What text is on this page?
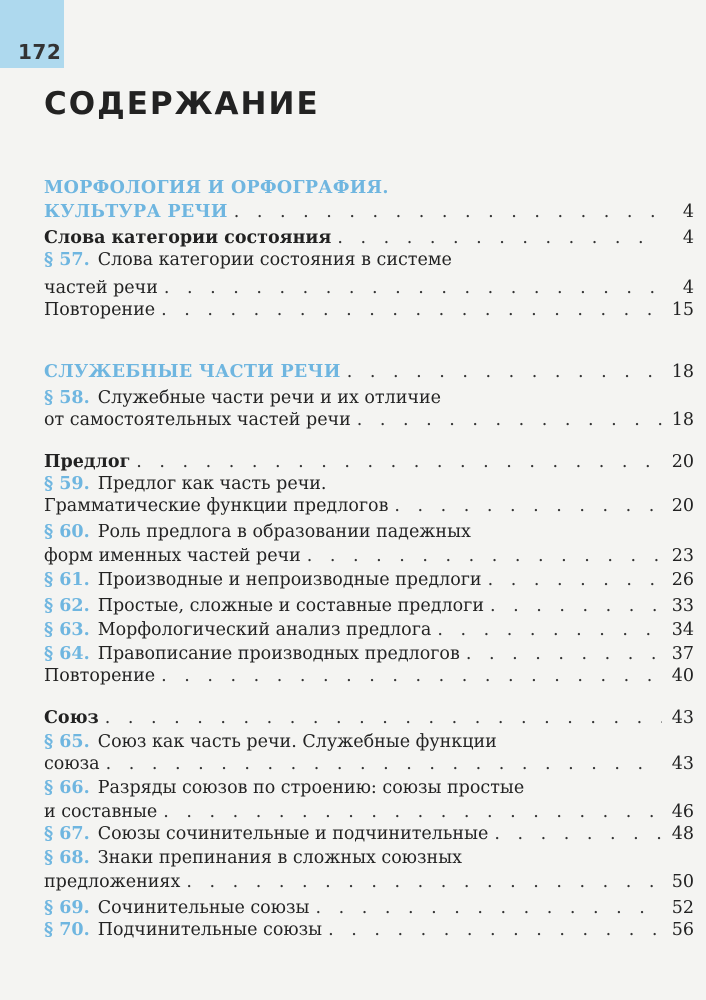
172
СОДЕРЖАНИЕ
МОРФОЛОГИЯ И ОРФОГРАФИЯ.
КУЛЬТУРА РЕЧИ . . .	4
Слова категории состояния . . .	4
§ 57. Слова категории состояния в системе
частей речи . . .	4
Повторение . . .	15
СЛУЖЕБНЫЕ ЧАСТИ РЕЧИ . . .	18
§ 58. Служебные части речи и их отличие
от самостоятельных частей речи . . .	18
Предлог . . .	20
§ 59. Предлог как часть речи.
Грамматические функции предлогов . . .	20
§ 60. Роль предлога в образовании падежных
форм именных частей речи . . .	23
§ 61. Производные и непроизводные предлоги . . .	26
§ 62. Простые, сложные и составные предлоги . . .	33
§ 63. Морфологический анализ предлога . . .	34
§ 64. Правописание производных предлогов . . .	37
Повторение . . .	40
Союз . . .	43
§ 65. Союз как часть речи. Служебные функции
союза . . .	43
§ 66. Разряды союзов по строению: союзы простые
и составные . . .	46
§ 67. Союзы сочинительные и подчинительные . . .	48
§ 68. Знаки препинания в сложных союзных
предложениях . . .	50
§ 69. Сочинительные союзы . . .	52
§ 70. Подчинительные союзы . . .	56
